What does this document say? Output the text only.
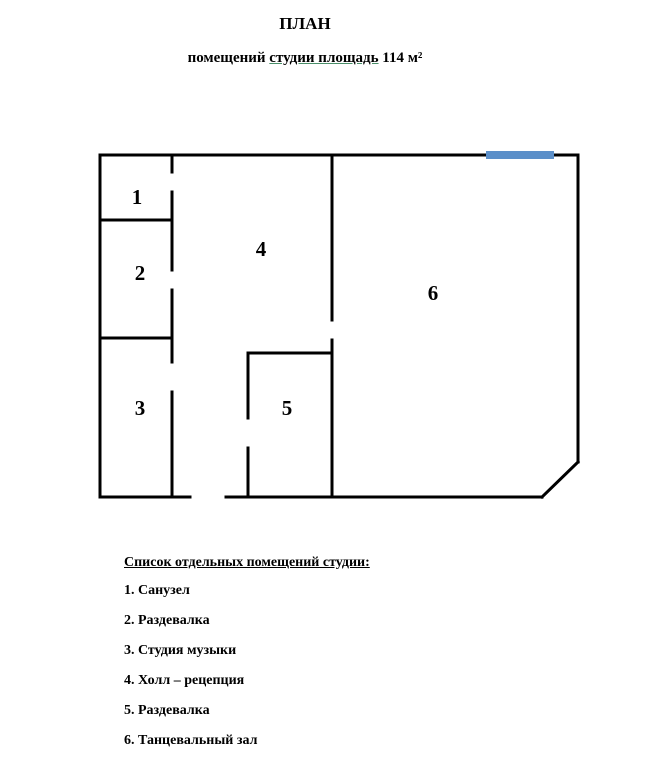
ПЛАН
помещений студии площадь 114 м²
1
2
3
4
5
6
Список отдельных помещений студии:
1. Санузел
2. Раздевалка
3. Студия музыки
4. Холл – рецепция
5. Раздевалка
6. Танцевальный зал
